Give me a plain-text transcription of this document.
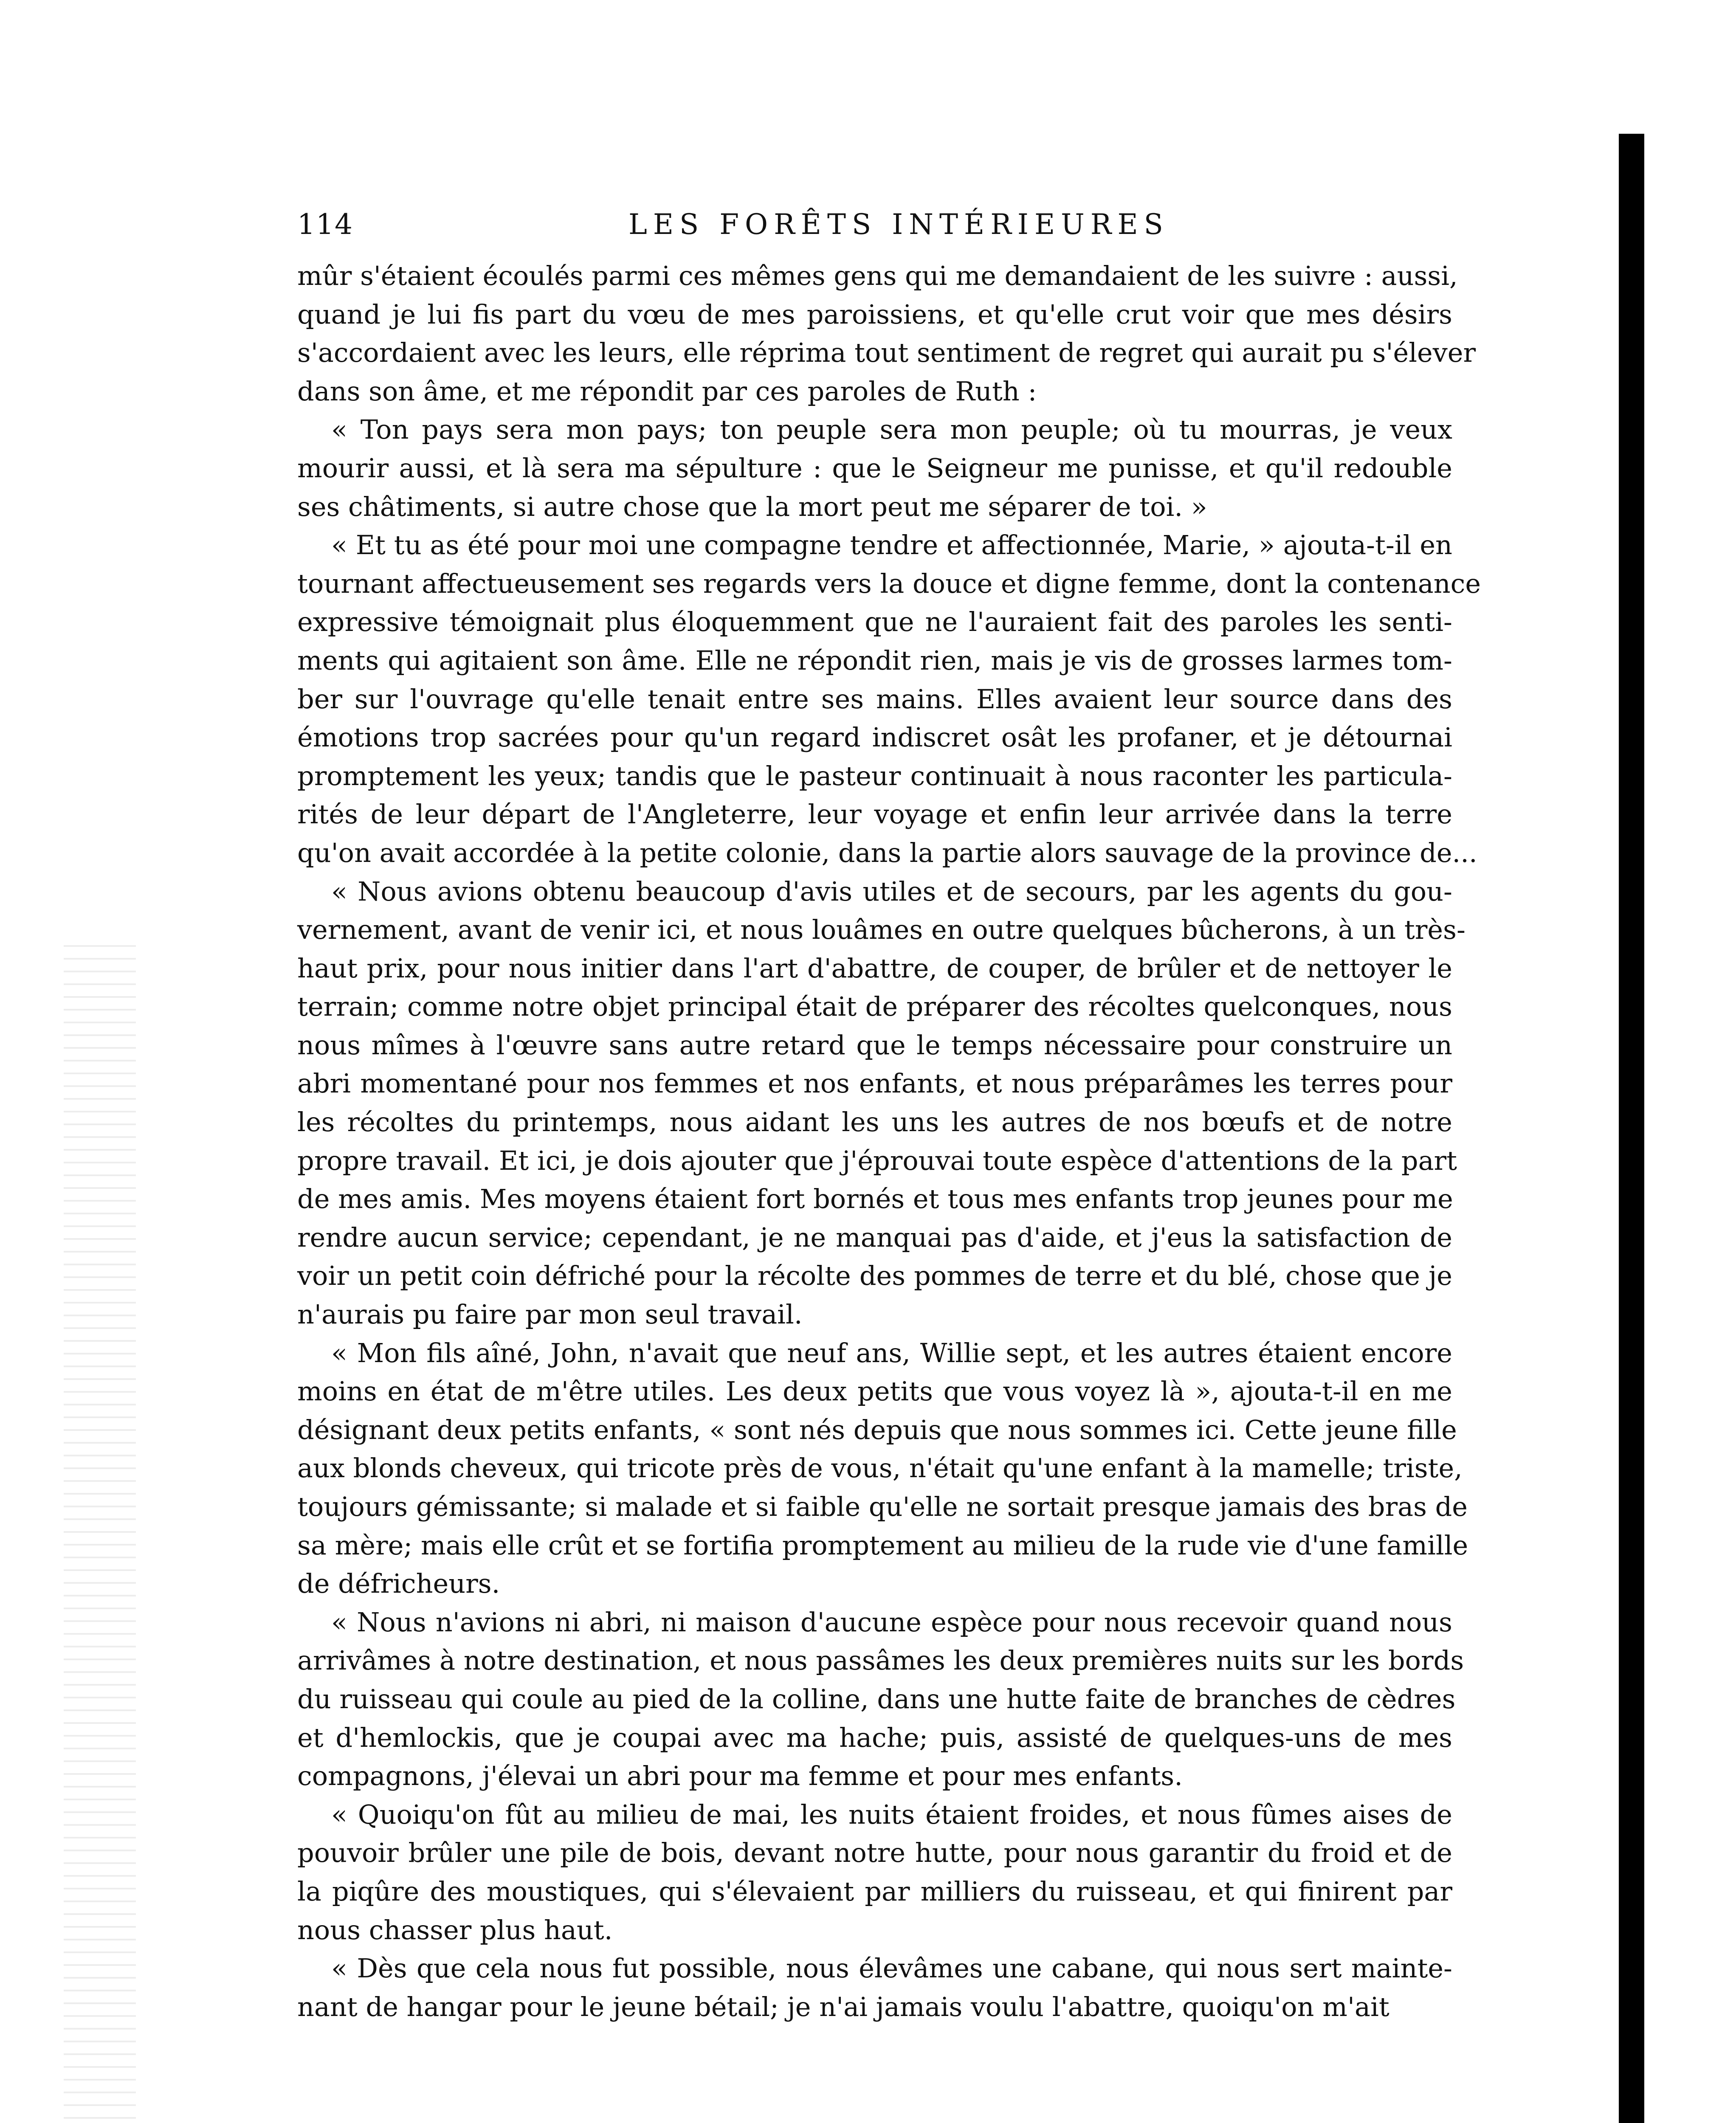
114	LES FORÊTS INTÉRIEURES
mûr s'étaient écoulés parmi ces mêmes gens qui me demandaient de les suivre : aussi,
quand je lui fis part du vœu de mes paroissiens, et qu'elle crut voir que mes désirs
s'accordaient avec les leurs, elle réprima tout sentiment de regret qui aurait pu s'élever
dans son âme, et me répondit par ces paroles de Ruth :
« Ton pays sera mon pays; ton peuple sera mon peuple; où tu mourras, je veux
mourir aussi, et là sera ma sépulture : que le Seigneur me punisse, et qu'il redouble
ses châtiments, si autre chose que la mort peut me séparer de toi. »
« Et tu as été pour moi une compagne tendre et affectionnée, Marie, » ajouta-t-il en
tournant affectueusement ses regards vers la douce et digne femme, dont la contenance
expressive témoignait plus éloquemment que ne l'auraient fait des paroles les senti-
ments qui agitaient son âme. Elle ne répondit rien, mais je vis de grosses larmes tom-
ber sur l'ouvrage qu'elle tenait entre ses mains. Elles avaient leur source dans des
émotions trop sacrées pour qu'un regard indiscret osât les profaner, et je détournai
promptement les yeux; tandis que le pasteur continuait à nous raconter les particula-
rités de leur départ de l'Angleterre, leur voyage et enfin leur arrivée dans la terre
qu'on avait accordée à la petite colonie, dans la partie alors sauvage de la province de...
« Nous avions obtenu beaucoup d'avis utiles et de secours, par les agents du gou-
vernement, avant de venir ici, et nous louâmes en outre quelques bûcherons, à un très-
haut prix, pour nous initier dans l'art d'abattre, de couper, de brûler et de nettoyer le
terrain; comme notre objet principal était de préparer des récoltes quelconques, nous
nous mîmes à l'œuvre sans autre retard que le temps nécessaire pour construire un
abri momentané pour nos femmes et nos enfants, et nous préparâmes les terres pour
les récoltes du printemps, nous aidant les uns les autres de nos bœufs et de notre
propre travail. Et ici, je dois ajouter que j'éprouvai toute espèce d'attentions de la part
de mes amis. Mes moyens étaient fort bornés et tous mes enfants trop jeunes pour me
rendre aucun service; cependant, je ne manquai pas d'aide, et j'eus la satisfaction de
voir un petit coin défriché pour la récolte des pommes de terre et du blé, chose que je
n'aurais pu faire par mon seul travail.
« Mon fils aîné, John, n'avait que neuf ans, Willie sept, et les autres étaient encore
moins en état de m'être utiles. Les deux petits que vous voyez là », ajouta-t-il en me
désignant deux petits enfants, « sont nés depuis que nous sommes ici. Cette jeune fille
aux blonds cheveux, qui tricote près de vous, n'était qu'une enfant à la mamelle; triste,
toujours gémissante; si malade et si faible qu'elle ne sortait presque jamais des bras de
sa mère; mais elle crût et se fortifia promptement au milieu de la rude vie d'une famille
de défricheurs.
« Nous n'avions ni abri, ni maison d'aucune espèce pour nous recevoir quand nous
arrivâmes à notre destination, et nous passâmes les deux premières nuits sur les bords
du ruisseau qui coule au pied de la colline, dans une hutte faite de branches de cèdres
et d'hemlockis, que je coupai avec ma hache; puis, assisté de quelques-uns de mes
compagnons, j'élevai un abri pour ma femme et pour mes enfants.
« Quoiqu'on fût au milieu de mai, les nuits étaient froides, et nous fûmes aises de
pouvoir brûler une pile de bois, devant notre hutte, pour nous garantir du froid et de
la piqûre des moustiques, qui s'élevaient par milliers du ruisseau, et qui finirent par
nous chasser plus haut.
« Dès que cela nous fut possible, nous élevâmes une cabane, qui nous sert mainte-
nant de hangar pour le jeune bétail; je n'ai jamais voulu l'abattre, quoiqu'on m'ait
